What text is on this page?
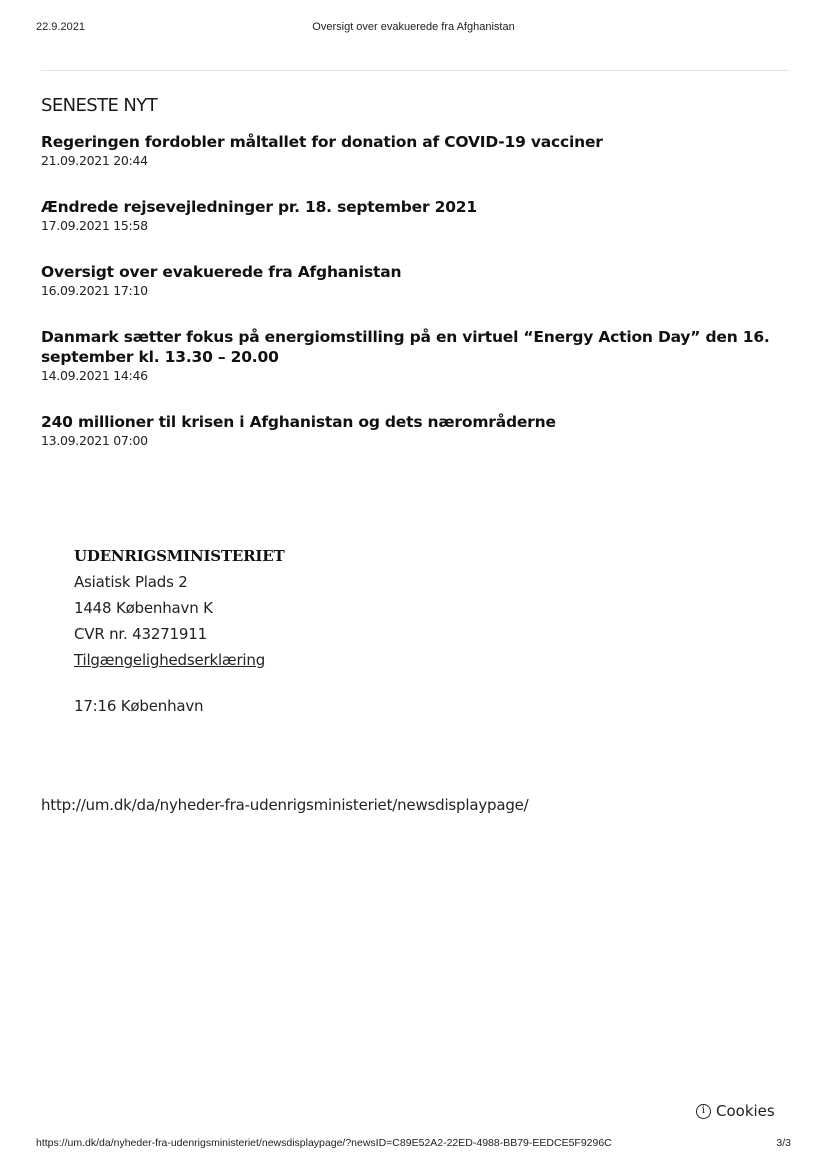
22.9.2021	Oversigt over evakuerede fra Afghanistan
SENESTE NYT
Regeringen fordobler måltallet for donation af COVID-19 vacciner
21.09.2021 20:44
Ændrede rejsevejledninger pr. 18. september 2021
17.09.2021 15:58
Oversigt over evakuerede fra Afghanistan
16.09.2021 17:10
Danmark sætter fokus på energiomstilling på en virtuel “Energy Action Day” den 16. september kl. 13.30 – 20.00
14.09.2021 14:46
240 millioner til krisen i Afghanistan og dets nærområderne
13.09.2021 07:00
UDENRIGSMINISTERIET
Asiatisk Plads 2
1448 København K
CVR nr. 43271911
Tilgængelighedserklæring
17:16 København
http://um.dk/da/nyheder-fra-udenrigsministeriet/newsdisplaypage/
i Cookies
https://um.dk/da/nyheder-fra-udenrigsministeriet/newsdisplaypage/?newsID=C89E52A2-22ED-4988-BB79-EEDCE5F9296C	3/3
